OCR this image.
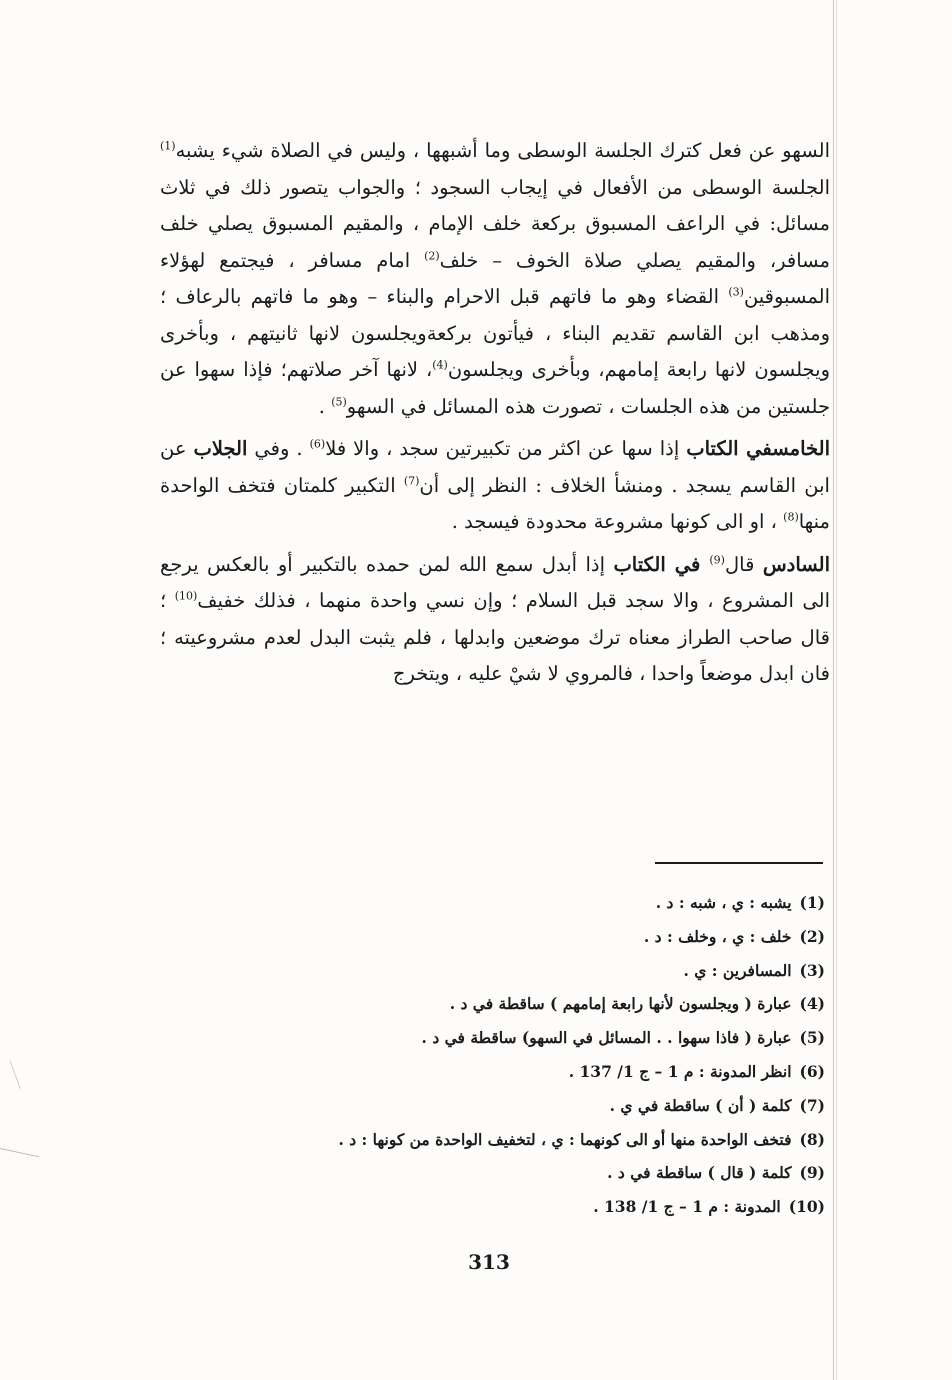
السهو عن فعل كترك الجلسة الوسطى وما أشبهها ، وليس في الصلاة شيء يشبه$^{(1)}$ الجلسة الوسطى من الأفعال في إيجاب السجود ؛ والجواب يتصور ذلك في ثلاث مسائل: في الراعف المسبوق بركعة خلف الإمام ، والمقيم المسبوق يصلي خلف مسافر، والمقيم يصلي صلاة الخوف – خلف$^{(2)}$ امام مسافر ، فيجتمع لهؤلاء المسبوقين$^{(3)}$ القضاء وهو ما فاتهم قبل الاحرام والبناء – وهو ما فاتهم بالرعاف ؛ ومذهب ابن القاسم تقديم البناء ، فيأتون بركعةويجلسون لانها ثانيتهم ، وبأخرى ويجلسون لانها رابعة إمامهم، وبأخرى ويجلسون$^{(4)}$، لانها آخر صلاتهم؛ فإذا سهوا عن جلستين من هذه الجلسات ، تصورت هذه المسائل في السهو$^{(5)}$ .

الخامسفي الكتاب إذا سها عن اكثر من تكبيرتين سجد ، والا فلا$^{(6)}$ . وفي الجلاب عن ابن القاسم يسجد . ومنشأ الخلاف : النظر إلى أن$^{(7)}$ التكبير كلمتان فتخف الواحدة منها$^{(8)}$ ، او الى كونها مشروعة محدودة فيسجد .

السادس قال$^{(9)}$ في الكتاب إذا أبدل سمع الله لمن حمده بالتكبير أو بالعكس يرجع الى المشروع ، والا سجد قبل السلام ؛ وإن نسي واحدة منهما ، فذلك خفيف$^{(10)}$ ؛ قال صاحب الطراز معناه ترك موضعين وابدلها ، فلم يثبت البدل لعدم مشروعيته ؛ فان ابدل موضعاً واحدا ، فالمروي لا شيْ عليه ، ويتخرج

(1)يشبه : ي ، شبه : د .
(2)خلف : ي ، وخلف : د .
(3)المسافرين : ي .
(4)عبارة ( ويجلسون لأنها رابعة إمامهم ) ساقطة في د .
(5)عبارة ( فاذا سهوا . . المسائل في السهو) ساقطة في د .
(6)انظر المدونة : م 1 – ج 1/ 137 .
(7)كلمة ( أن ) ساقطة في ي .
(8)فتخف الواحدة منها أو الى كونهما : ي ، لتخفيف الواحدة من كونها : د .
(9)كلمة ( قال ) ساقطة في د .
(10)المدونة : م 1 – ج 1/ 138 .
313
